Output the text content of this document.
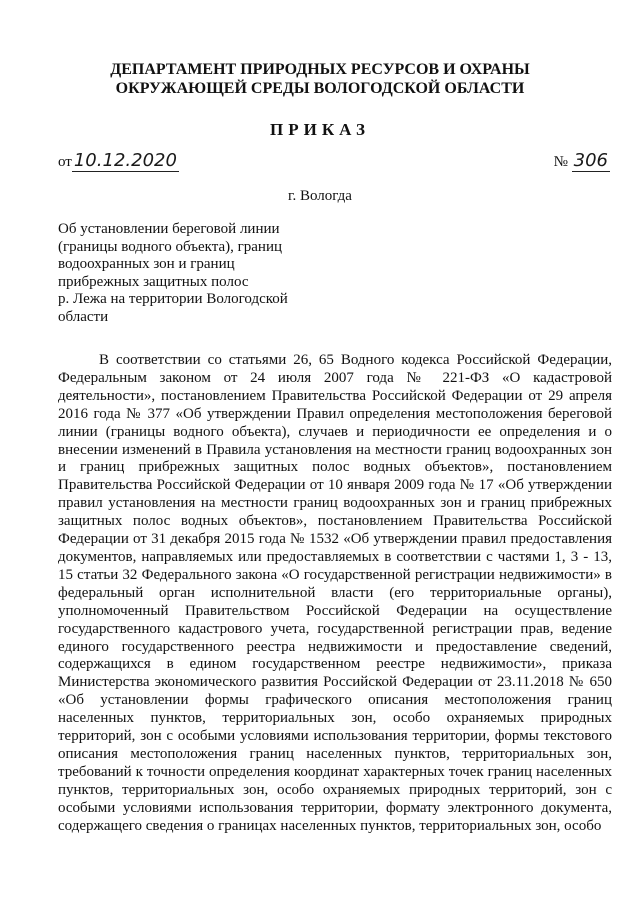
ДЕПАРТАМЕНТ ПРИРОДНЫХ РЕСУРСОВ И ОХРАНЫ
ОКРУЖАЮЩЕЙ СРЕДЫ ВОЛОГОДСКОЙ ОБЛАСТИ
ПРИКАЗ
от 10.12.2020	№ 306
г. Вологда
Об установлении береговой линии
(границы водного объекта), границ
водоохранных зон и границ
прибрежных защитных полос
р. Лежа на территории Вологодской
области

В соответствии со статьями 26, 65 Водного кодекса Российской Федерации, Федеральным законом от 24 июля 2007 года № 221-ФЗ «О кадастровой деятельности», постановлением Правительства Российской Федерации от 29 апреля 2016 года № 377 «Об утверждении Правил определения местоположения береговой линии (границы водного объекта), случаев и периодичности ее определения и о внесении изменений в Правила установления на местности границ водоохранных зон и границ прибрежных защитных полос водных объектов», постановлением Правительства Российской Федерации от 10 января 2009 года № 17 «Об утверждении правил установления на местности границ водоохранных зон и границ прибрежных защитных полос водных объектов», постановлением Правительства Российской Федерации от 31 декабря 2015 года № 1532 «Об утверждении правил предоставления документов, направляемых или предоставляемых в соответствии с частями 1, 3 - 13, 15 статьи 32 Федерального закона «О государственной регистрации недвижимости» в федеральный орган исполнительной власти (его территориальные органы), уполномоченный Правительством Российской Федерации на осуществление государственного кадастрового учета, государственной регистрации прав, ведение единого государственного реестра недвижимости и предоставление сведений, содержащихся в едином государственном реестре недвижимости», приказа Министерства экономического развития Российской Федерации от 23.11.2018 № 650 «Об установлении формы графического описания местоположения границ населенных пунктов, территориальных зон, особо охраняемых природных территорий, зон с особыми условиями использования территории, формы текстового описания местоположения границ населенных пунктов, территориальных зон, требований к точности определения координат характерных точек границ населенных пунктов, территориальных зон, особо охраняемых природных территорий, зон с особыми условиями использования территории, формату электронного документа, содержащего сведения о границах населенных пунктов, территориальных зон, особо
